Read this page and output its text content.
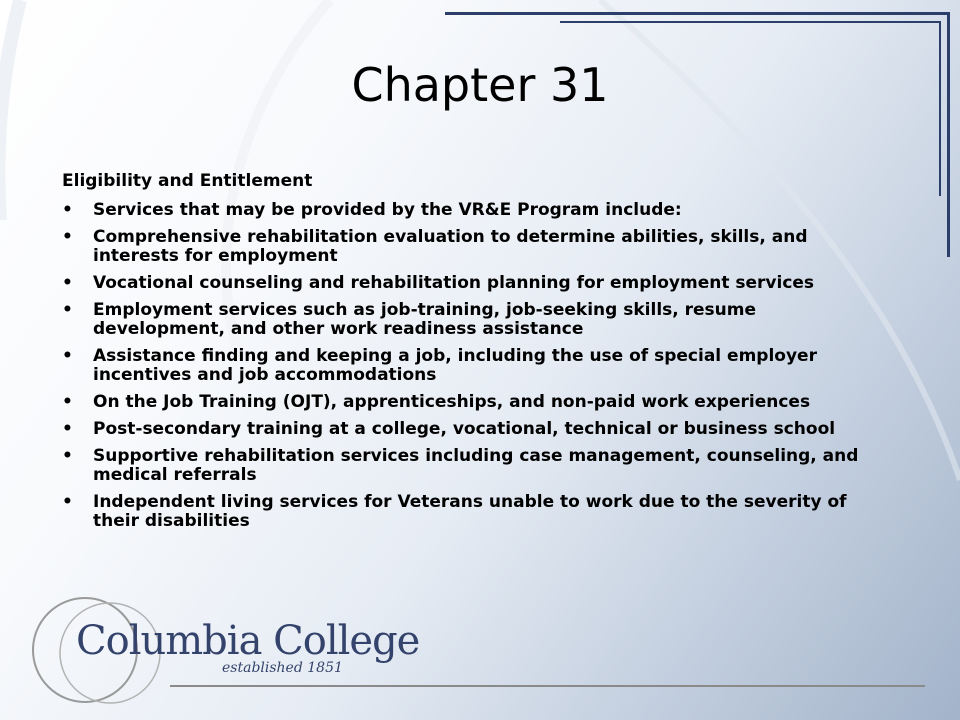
Chapter 31
Eligibility and Entitlement
• Services that may be provided by the VR&E Program include:
• Comprehensive rehabilitation evaluation to determine abilities, skills, and interests for employment
• Vocational counseling and rehabilitation planning for employment services
• Employment services such as job-training, job-seeking skills, resume development, and other work readiness assistance
• Assistance finding and keeping a job, including the use of special employer incentives and job accommodations
• On the Job Training (OJT), apprenticeships, and non-paid work experiences
• Post-secondary training at a college, vocational, technical or business school
• Supportive rehabilitation services including case management, counseling, and medical referrals
• Independent living services for Veterans unable to work due to the severity of their disabilities
Columbia College
established 1851
